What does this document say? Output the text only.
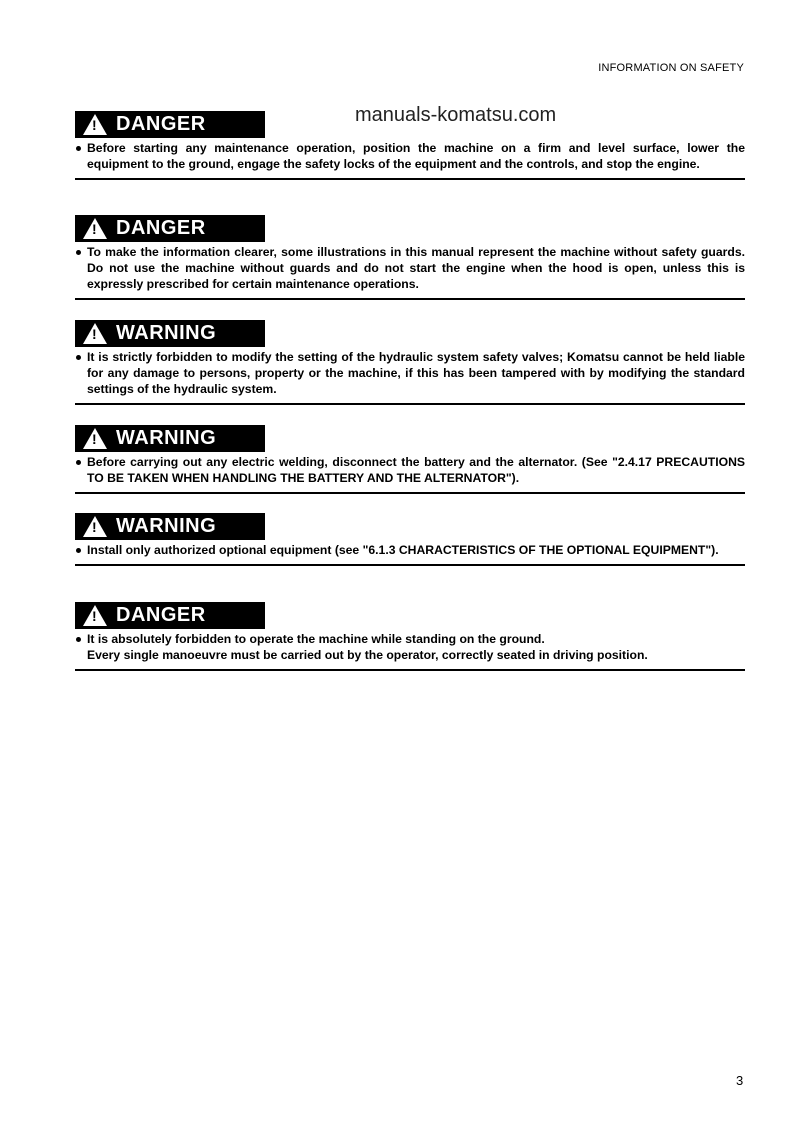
INFORMATION ON SAFETY
manuals-komatsu.com
!
DANGER

Before starting any maintenance operation, position the machine on a firm and level surface, lower the equipment to the ground, engage the safety locks of the equipment and the controls, and stop the engine.

!
DANGER

To make the information clearer, some illustrations in this manual represent the machine without safety guards. Do not use the machine without guards and do not start the engine when the hood is open, unless this is expressly prescribed for certain maintenance operations.

!
WARNING

It is strictly forbidden to modify the setting of the hydraulic system safety valves; Komatsu cannot be held liable for any damage to persons, property or the machine, if this has been tampered with by modifying the standard settings of the hydraulic system.

!
WARNING

Before carrying out any electric welding, disconnect the battery and the alternator. (See "2.4.17 PRECAUTIONS TO BE TAKEN WHEN HANDLING THE BATTERY AND THE ALTERNATOR").

!
WARNING

Install only authorized optional equipment (see "6.1.3 CHARACTERISTICS OF THE OPTIONAL EQUIPMENT").

!
DANGER

It is absolutely forbidden to operate the machine while standing on the ground.

Every single manoeuvre must be carried out by the operator, correctly seated in driving position.

3
